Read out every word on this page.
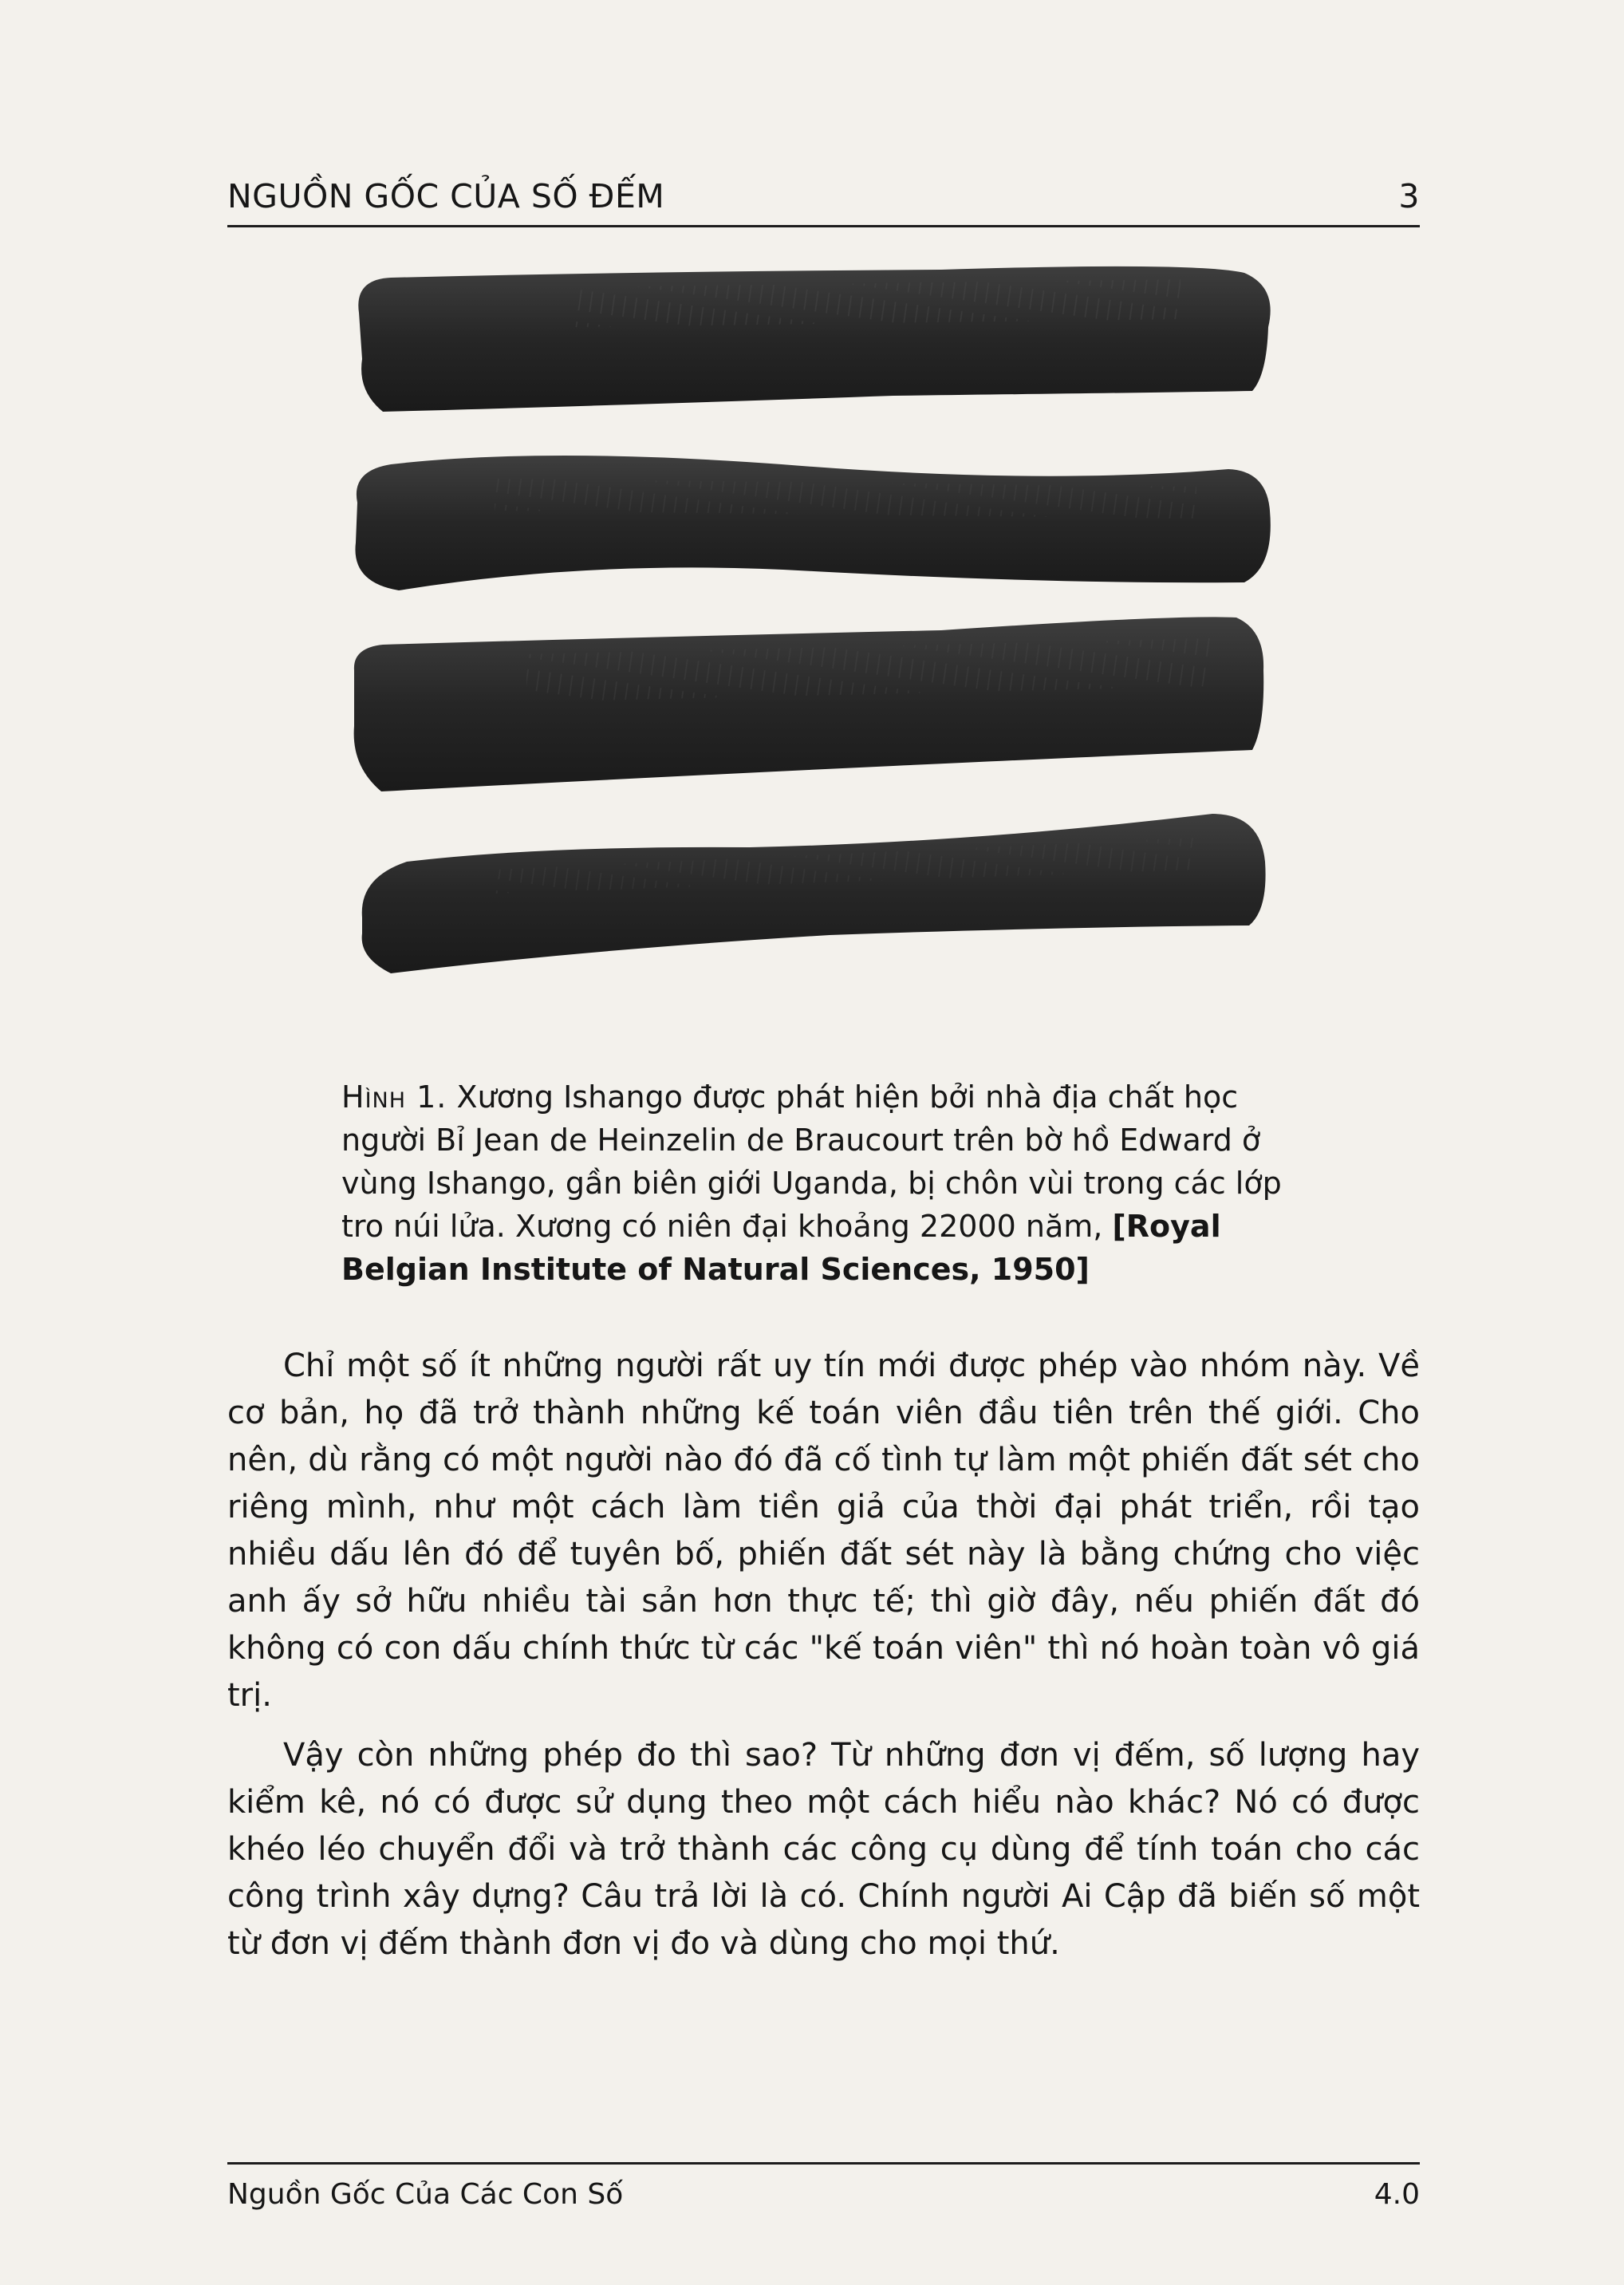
NGUỒN GỐC CỦA SỐ ĐẾM	3
Hình 1. Xương Ishango được phát hiện bởi nhà địa chất học người Bỉ Jean de Heinzelin de Braucourt trên bờ hồ Edward ở vùng Ishango, gần biên giới Uganda, bị chôn vùi trong các lớp tro núi lửa. Xương có niên đại khoảng 22000 năm, [Royal Belgian Institute of Natural Sciences, 1950]

Chỉ một số ít những người rất uy tín mới được phép vào nhóm này. Về cơ bản, họ đã trở thành những kế toán viên đầu tiên trên thế giới. Cho nên, dù rằng có một người nào đó đã cố tình tự làm một phiến đất sét cho riêng mình, như một cách làm tiền giả của thời đại phát triển, rồi tạo nhiều dấu lên đó để tuyên bố, phiến đất sét này là bằng chứng cho việc anh ấy sở hữu nhiều tài sản hơn thực tế; thì giờ đây, nếu phiến đất đó không có con dấu chính thức từ các "kế toán viên" thì nó hoàn toàn vô giá trị.

Vậy còn những phép đo thì sao? Từ những đơn vị đếm, số lượng hay kiểm kê, nó có được sử dụng theo một cách hiểu nào khác? Nó có được khéo léo chuyển đổi và trở thành các công cụ dùng để tính toán cho các công trình xây dựng? Câu trả lời là có. Chính người Ai Cập đã biến số một từ đơn vị đếm thành đơn vị đo và dùng cho mọi thứ.

Nguồn Gốc Của Các Con Số	4.0
